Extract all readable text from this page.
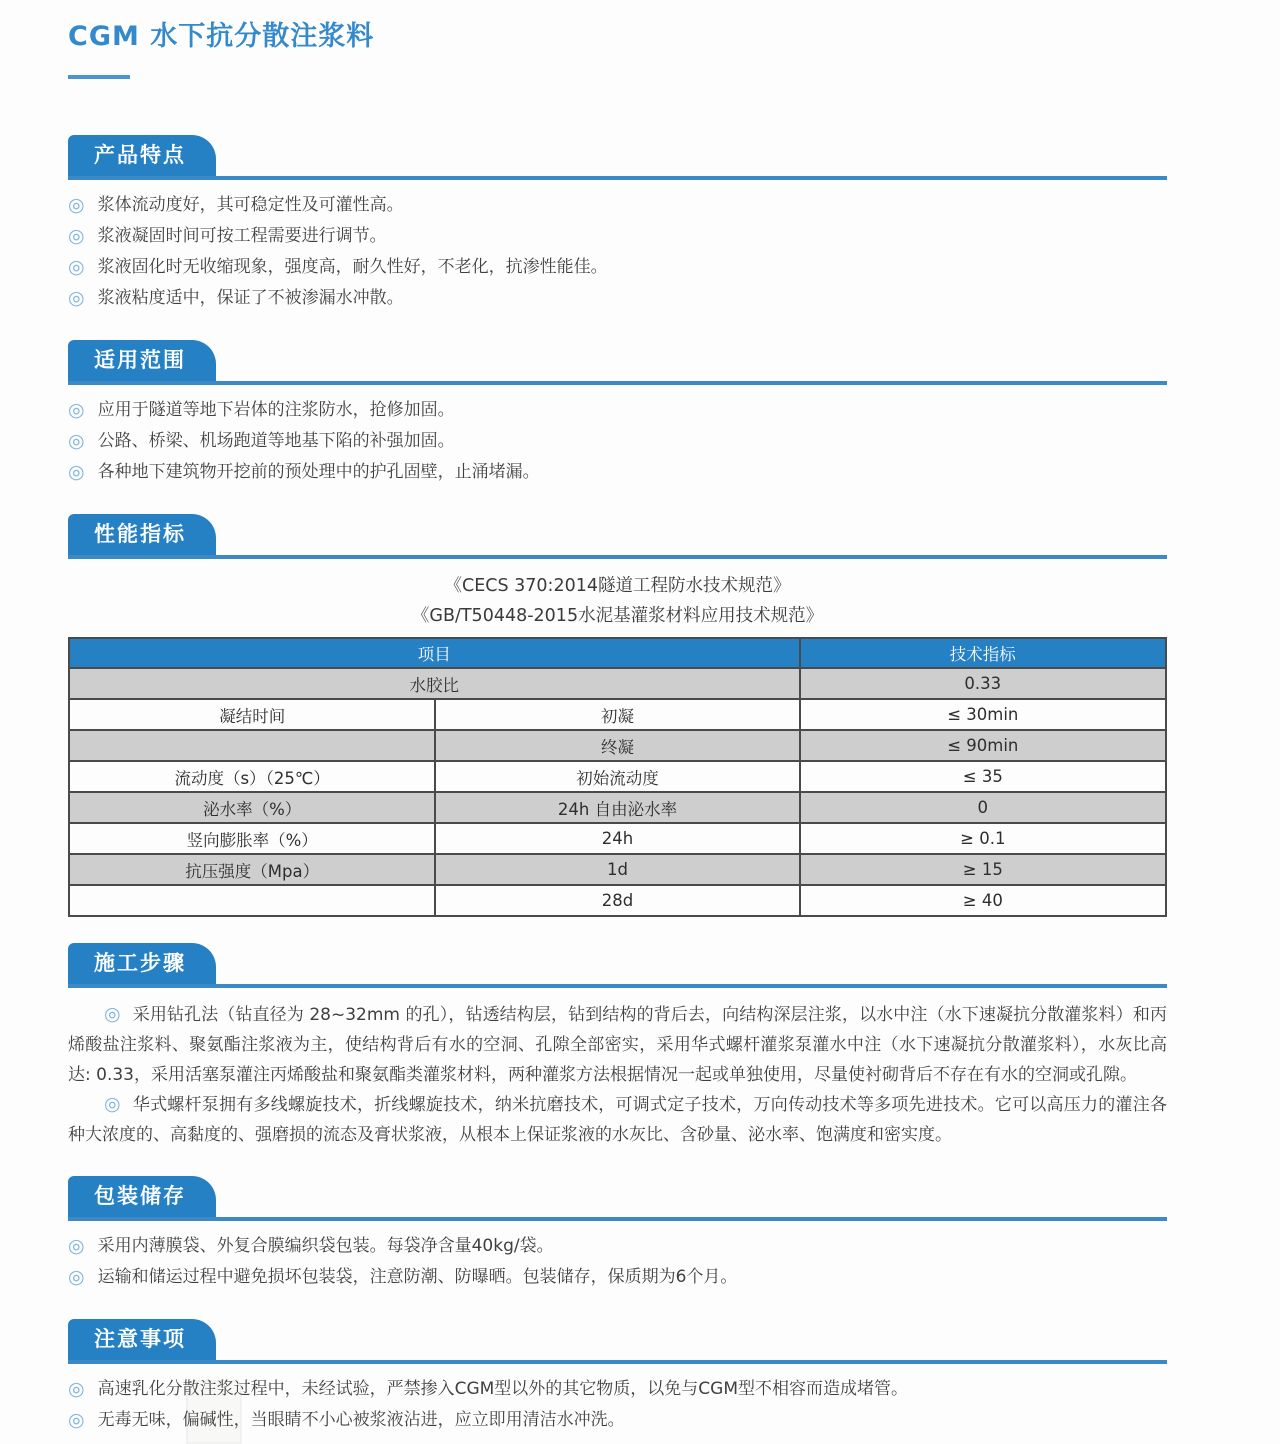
CGM 水下抗分散注浆料
产品特点
◎ 浆体流动度好，其可稳定性及可灌性高。
◎ 浆液凝固时间可按工程需要进行调节。
◎ 浆液固化时无收缩现象，强度高，耐久性好，不老化，抗渗性能佳。
◎ 浆液粘度适中，保证了不被渗漏水冲散。
适用范围
◎ 应用于隧道等地下岩体的注浆防水，抢修加固。
◎ 公路、桥梁、机场跑道等地基下陷的补强加固。
◎ 各种地下建筑物开挖前的预处理中的护孔固壁，止涌堵漏。
性能指标
《CECS 370:2014隧道工程防水技术规范》
《GB/T50448-2015水泥基灌浆材料应用技术规范》
项目		技术指标
水胶比		0.33
凝结时间	初凝	≤ 30min
	终凝	≤ 90min
流动度（s）（25℃）	初始流动度	≤ 35
泌水率（%）	24h 自由泌水率	0
竖向膨胀率（%）	24h	≥ 0.1
抗压强度（Mpa）	1d	≥ 15
	28d	≥ 40
施工步骤

◎ 采用钻孔法（钻直径为 28~32mm 的孔），钻透结构层，钻到结构的背后去，向结构深层注浆，以水中注（水下速凝抗分散灌浆料）和丙烯酸盐注浆料、聚氨酯注浆液为主，使结构背后有水的空洞、孔隙全部密实，采用华式螺杆灌浆泵灌水中注（水下速凝抗分散灌浆料），水灰比高达: 0.33，采用活塞泵灌注丙烯酸盐和聚氨酯类灌浆材料，两种灌浆方法根据情况一起或单独使用，尽量使衬砌背后不存在有水的空洞或孔隙。

◎ 华式螺杆泵拥有多线螺旋技术，折线螺旋技术，纳米抗磨技术，可调式定子技术，万向传动技术等多项先进技术。它可以高压力的灌注各种大浓度的、高黏度的、强磨损的流态及膏状浆液，从根本上保证浆液的水灰比、含砂量、泌水率、饱满度和密实度。

包装储存
◎ 采用内薄膜袋、外复合膜编织袋包装。每袋净含量40kg/袋。
◎ 运输和储运过程中避免损坏包装袋，注意防潮、防曝晒。包装储存，保质期为6个月。
注意事项
◎ 高速乳化分散注浆过程中，未经试验，严禁掺入CGM型以外的其它物质，以免与CGM型不相容而造成堵管。
◎ 无毒无味，偏碱性，当眼睛不小心被浆液沾进，应立即用清洁水冲洗。
